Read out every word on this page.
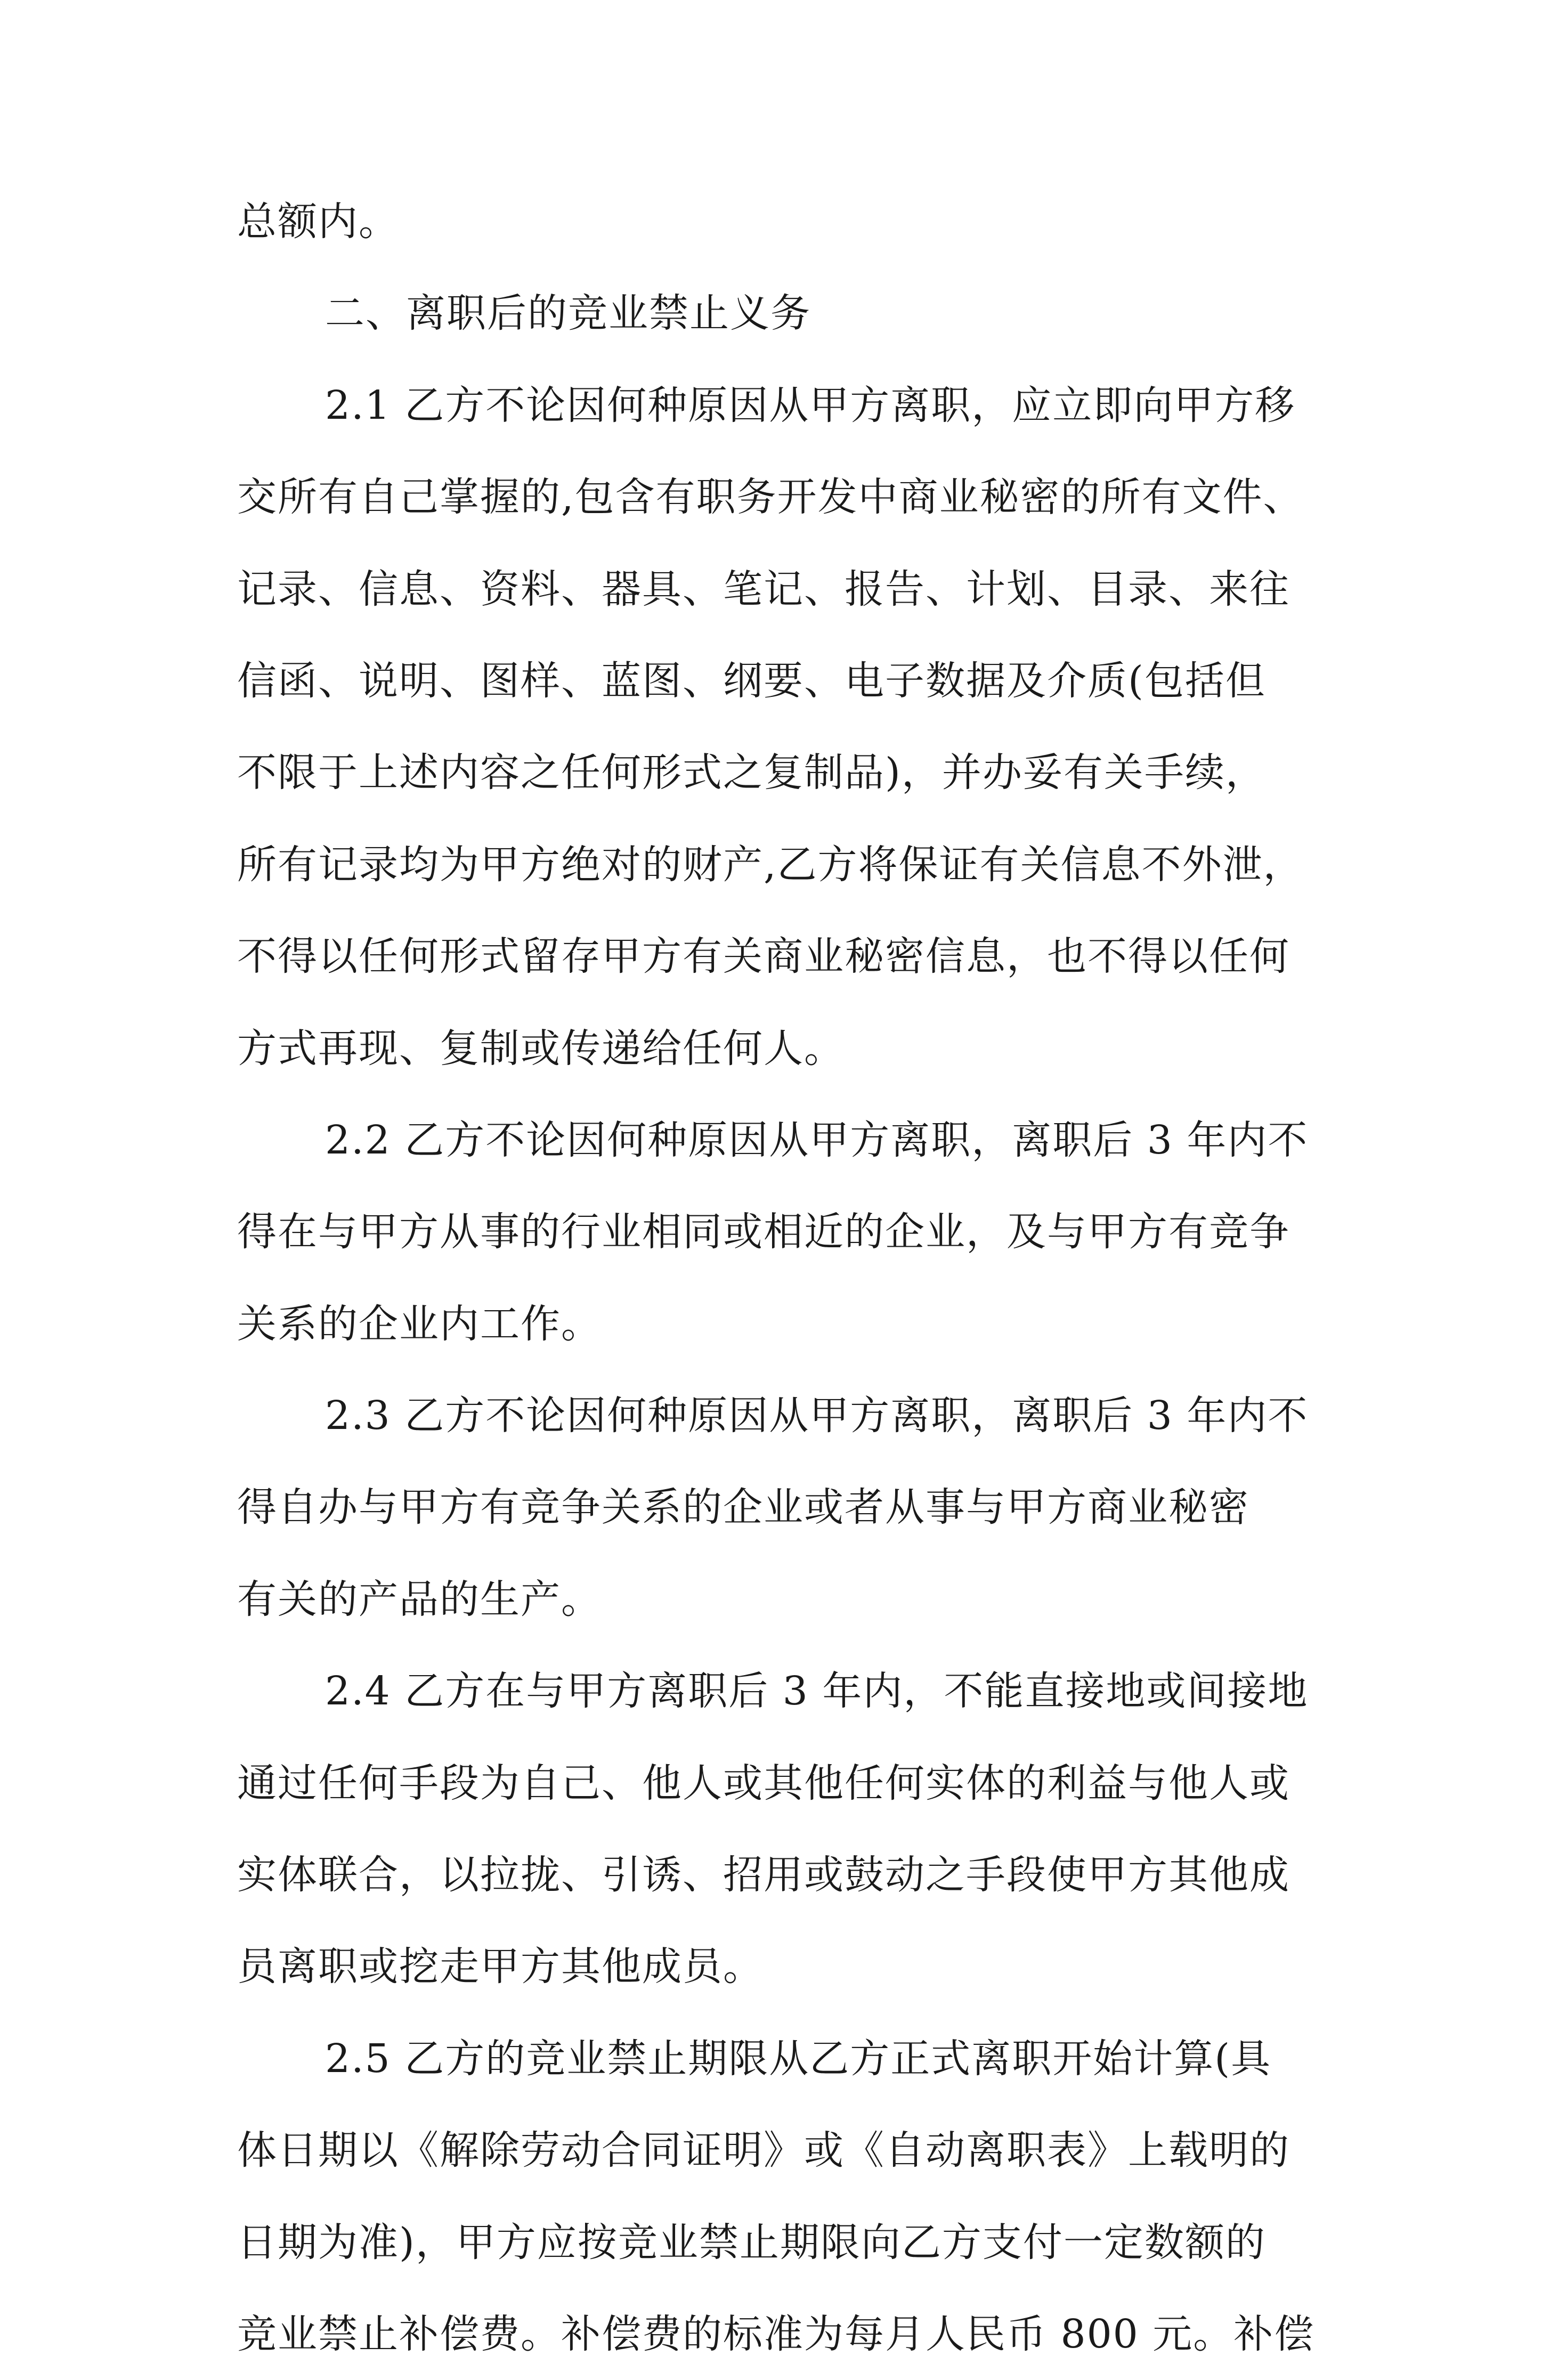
总额内。
二、离职后的竞业禁止义务
2.1 乙方不论因何种原因从甲方离职，应立即向甲方移
交所有自己掌握的,包含有职务开发中商业秘密的所有文件、
记录、信息、资料、器具、笔记、报告、计划、目录、来往
信函、说明、图样、蓝图、纲要、电子数据及介质(包括但
不限于上述内容之任何形式之复制品)，并办妥有关手续，
所有记录均为甲方绝对的财产,乙方将保证有关信息不外泄，
不得以任何形式留存甲方有关商业秘密信息，也不得以任何
方式再现、复制或传递给任何人。
2.2 乙方不论因何种原因从甲方离职，离职后 3 年内不
得在与甲方从事的行业相同或相近的企业，及与甲方有竞争
关系的企业内工作。
2.3 乙方不论因何种原因从甲方离职，离职后 3 年内不
得自办与甲方有竞争关系的企业或者从事与甲方商业秘密
有关的产品的生产。
2.4 乙方在与甲方离职后 3 年内，不能直接地或间接地
通过任何手段为自己、他人或其他任何实体的利益与他人或
实体联合，以拉拢、引诱、招用或鼓动之手段使甲方其他成
员离职或挖走甲方其他成员。
2.5 乙方的竞业禁止期限从乙方正式离职开始计算(具
体日期以《解除劳动合同证明》或《自动离职表》上载明的
日期为准)，甲方应按竞业禁止期限向乙方支付一定数额的
竞业禁止补偿费。补偿费的标准为每月人民币 800 元。补偿
